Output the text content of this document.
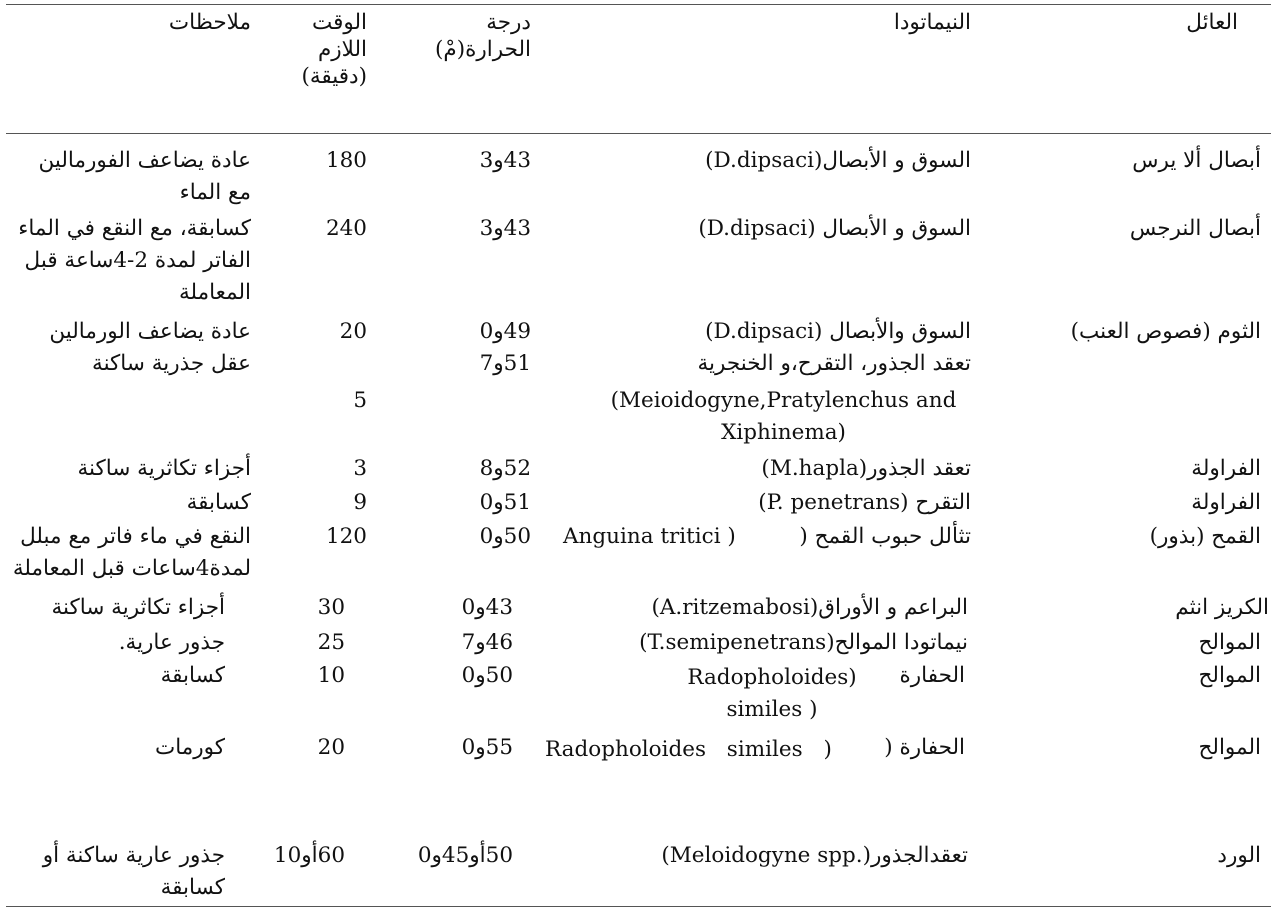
العائل
النيماتودا
درجة
الحرارة(مْ)
الوقت
اللازم
(دقيقة)
ملاحظات
أبصال ألا يرس
السوق و الأبصال(D.dipsaci)
43و3
180
عادة يضاعف الفورمالين
مع الماء
أبصال النرجس
السوق و الأبصال (D.dipsaci)
43و3
240
كسابقة، مع النقع في الماء
الفاتر لمدة 2-4ساعة قبل
المعاملة
الثوم (فصوص العنب)
السوق والأبصال (D.dipsaci)
49و0
20
عادة يضاعف الورمالين
تعقد الجذور، التقرح،و الخنجرية
(Meioidogyne,Pratylenchus and
Xiphinema)
51و7
5
عقل جذرية ساكنة
الفراولة
تعقد الجذور(M.hapla)
52و8
3
أجزاء تكاثرية ساكنة
الفراولة
التقرح (P. penetrans)
51و0
9
كسابقة
القمح (بذور)
تثألل حبوب القمح (
Anguina tritici )
50و0
120
النقع في ماء فاتر مع مبلل
لمدة4ساعات قبل المعاملة
الكريز انثم
البراعم و الأوراق(A.ritzemabosi)
43و0
30
أجزاء تكاثرية ساكنة
الموالح
نيماتودا الموالح(T.semipenetrans)
46و7
25
جذور عارية.
الموالح
الحفارة
Radopholoides)
similes )
50و0
10
كسابقة
الموالح
الحفارة (
Radopholoides similes )
55و0
20
كورمات
الورد
تعقدالجذور(.Meloidogyne spp)
50أو45و0
60أو10
جذور عارية ساكنة أو
كسابقة
